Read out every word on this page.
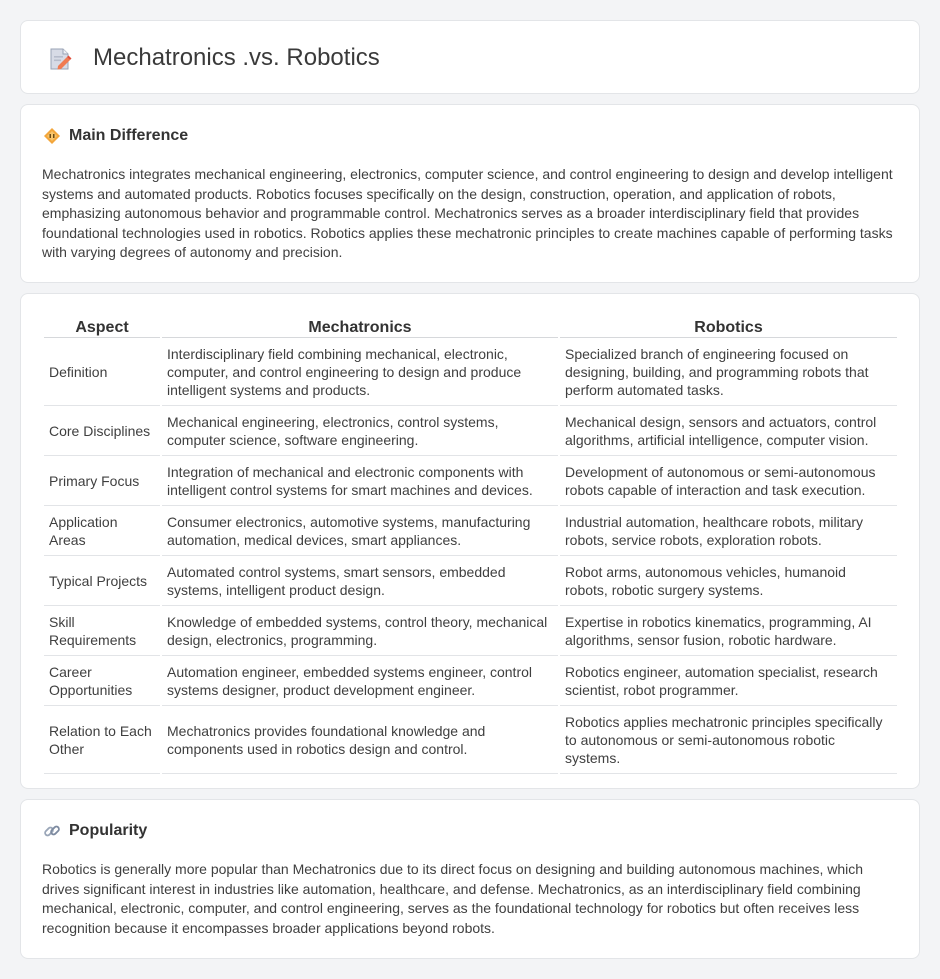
Mechatronics .vs. Robotics
Main Difference

Mechatronics integrates mechanical engineering, electronics, computer science, and control engineering to design and develop intelligent systems and automated products. Robotics focuses specifically on the design, construction, operation, and application of robots, emphasizing autonomous behavior and programmable control. Mechatronics serves as a broader interdisciplinary field that provides foundational technologies used in robotics. Robotics applies these mechatronic principles to create machines capable of performing tasks with varying degrees of autonomy and precision.

Aspect	Mechatronics	Robotics
Definition	Interdisciplinary field combining mechanical, electronic, computer, and control engineering to design and produce intelligent systems and products.	Specialized branch of engineering focused on designing, building, and programming robots that perform automated tasks.
Core Disciplines	Mechanical engineering, electronics, control systems, computer science, software engineering.	Mechanical design, sensors and actuators, control algorithms, artificial intelligence, computer vision.
Primary Focus	Integration of mechanical and electronic components with intelligent control systems for smart machines and devices.	Development of autonomous or semi-autonomous robots capable of interaction and task execution.
Application Areas	Consumer electronics, automotive systems, manufacturing automation, medical devices, smart appliances.	Industrial automation, healthcare robots, military robots, service robots, exploration robots.
Typical Projects	Automated control systems, smart sensors, embedded systems, intelligent product design.	Robot arms, autonomous vehicles, humanoid robots, robotic surgery systems.
Skill Requirements	Knowledge of embedded systems, control theory, mechanical design, electronics, programming.	Expertise in robotics kinematics, programming, AI algorithms, sensor fusion, robotic hardware.
Career Opportunities	Automation engineer, embedded systems engineer, control systems designer, product development engineer.	Robotics engineer, automation specialist, research scientist, robot programmer.
Relation to Each Other	Mechatronics provides foundational knowledge and components used in robotics design and control.	Robotics applies mechatronic principles specifically to autonomous or semi-autonomous robotic systems.
Popularity

Robotics is generally more popular than Mechatronics due to its direct focus on designing and building autonomous machines, which drives significant interest in industries like automation, healthcare, and defense. Mechatronics, as an interdisciplinary field combining mechanical, electronic, computer, and control engineering, serves as the foundational technology for robotics but often receives less recognition because it encompasses broader applications beyond robots.
